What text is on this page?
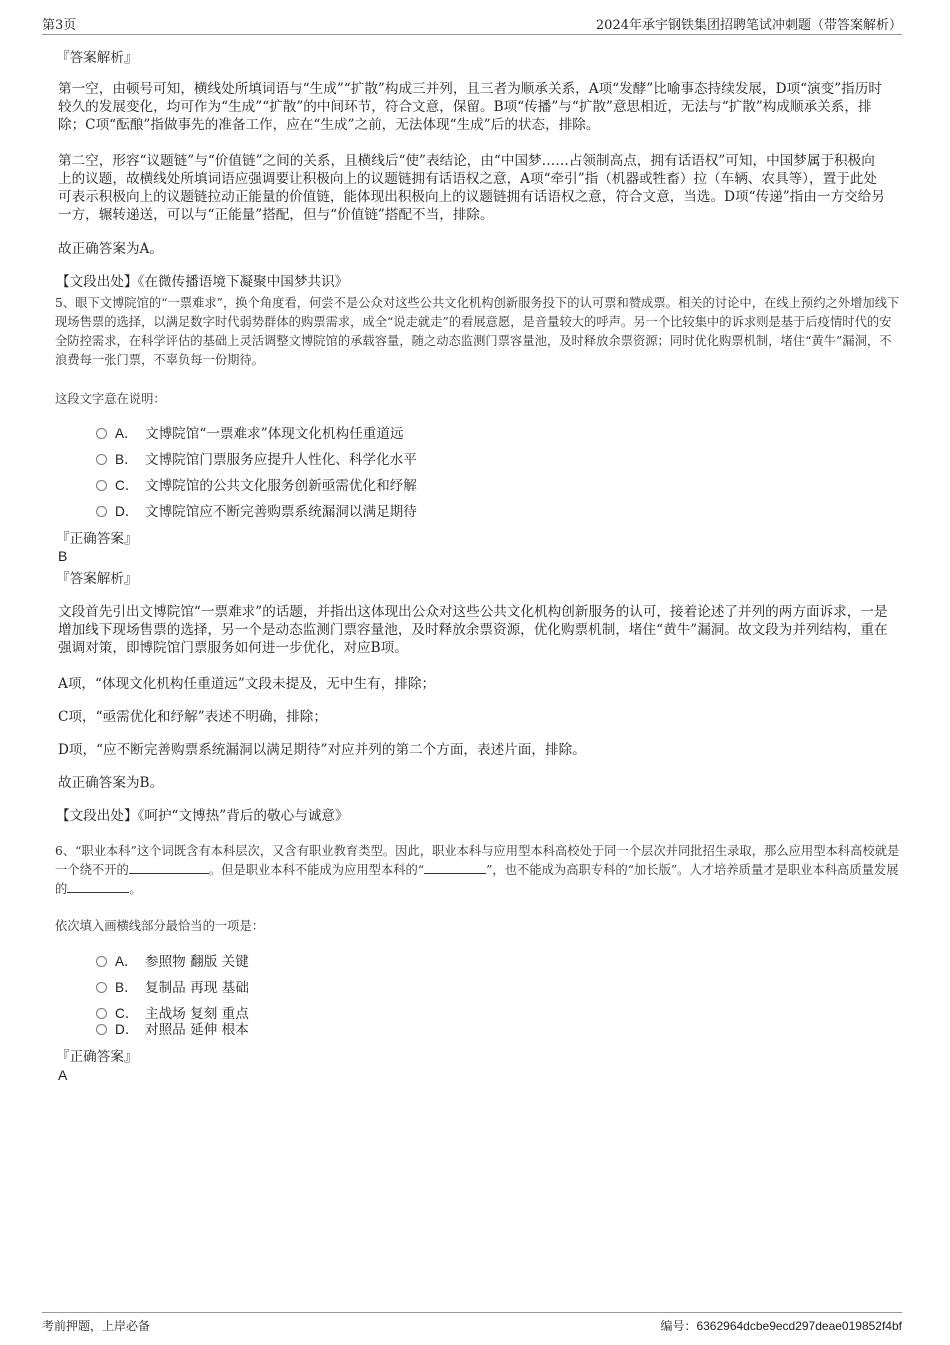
第3页	2024年承宇钢铁集团招聘笔试冲刺题（带答案解析）
『答案解析』
第一空，由顿号可知，横线处所填词语与“生成”“扩散”构成三并列，且三者为顺承关系，A项“发酵”比喻事态持续发展，D项“演变”指历时较久的发展变化，均可作为“生成”“扩散”的中间环节，符合文意，保留。B项“传播”与“扩散”意思相近，无法与“扩散”构成顺承关系，排除；C项“酝酿”指做事先的准备工作，应在“生成”之前，无法体现“生成”后的状态，排除。
第二空，形容“议题链”与“价值链”之间的关系，且横线后“使”表结论，由“中国梦……占领制高点，拥有话语权”可知，中国梦属于积极向上的议题，故横线处所填词语应强调要让积极向上的议题链拥有话语权之意，A项“牵引”指（机器或牲畜）拉（车辆、农具等），置于此处可表示积极向上的议题链拉动正能量的价值链，能体现出积极向上的议题链拥有话语权之意，符合文意，当选。D项“传递”指由一方交给另一方，辗转递送，可以与“正能量”搭配，但与“价值链”搭配不当，排除。
故正确答案为A。
【文段出处】《在微传播语境下凝聚中国梦共识》
5、眼下文博院馆的“一票难求”，换个角度看，何尝不是公众对这些公共文化机构创新服务投下的认可票和赞成票。相关的讨论中，在线上预约之外增加线下现场售票的选择，以满足数字时代弱势群体的购票需求，成全“说走就走”的看展意愿，是音量较大的呼声。另一个比较集中的诉求则是基于后疫情时代的安全防控需求，在科学评估的基础上灵活调整文博院馆的承载容量，随之动态监测门票容量池，及时释放余票资源；同时优化购票机制，堵住“黄牛”漏洞，不浪费每一张门票，不辜负每一份期待。
这段文字意在说明：
A． 文博院馆“一票难求”体现文化机构任重道远
B． 文博院馆门票服务应提升人性化、科学化水平
C． 文博院馆的公共文化服务创新亟需优化和纾解
D． 文博院馆应不断完善购票系统漏洞以满足期待
『正确答案』
B
『答案解析』
文段首先引出文博院馆“一票难求”的话题，并指出这体现出公众对这些公共文化机构创新服务的认可，接着论述了并列的两方面诉求，一是增加线下现场售票的选择，另一个是动态监测门票容量池，及时释放余票资源，优化购票机制，堵住“黄牛”漏洞。故文段为并列结构，重在强调对策，即博院馆门票服务如何进一步优化，对应B项。
A项，“体现文化机构任重道远”文段未提及，无中生有，排除；
C项，“亟需优化和纾解”表述不明确，排除；
D项，“应不断完善购票系统漏洞以满足期待”对应并列的第二个方面，表述片面，排除。
故正确答案为B。
【文段出处】《呵护“文博热”背后的敬心与诚意》
6、“职业本科”这个词既含有本科层次，又含有职业教育类型。因此，职业本科与应用型本科高校处于同一个层次并同批招生录取，那么应用型本科高校就是一个绕不开的	。但是职业本科不能成为应用型本科的“	”，也不能成为高职专科的“加长版”。人才培养质量才是职业本科高质量发展的	。
依次填入画横线部分最恰当的一项是：
A． 参照物 翻版 关键
B． 复制品 再现 基础
C． 主战场 复刻 重点
D． 对照品 延伸 根本
『正确答案』
A
考前押题，上岸必备	编号：6362964dcbe9ecd297deae019852f4bf
